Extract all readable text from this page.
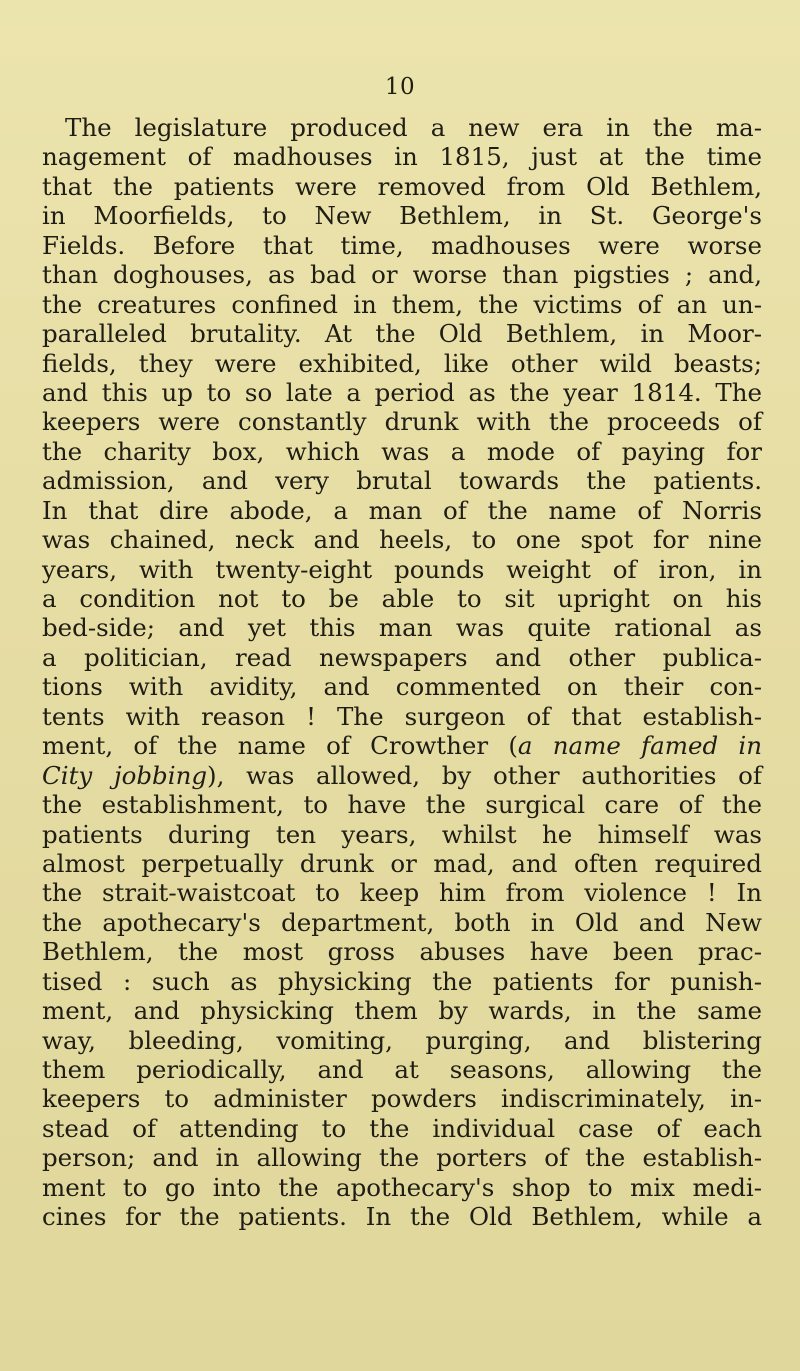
10
The legislature produced a new era in the ma-
nagement of madhouses in 1815, just at the time
that the patients were removed from Old Bethlem,
in Moorfields, to New Bethlem, in St. George's
Fields. Before that time, madhouses were worse
than doghouses, as bad or worse than pigsties ; and,
the creatures confined in them, the victims of an un-
paralleled brutality. At the Old Bethlem, in Moor-
fields, they were exhibited, like other wild beasts;
and this up to so late a period as the year 1814. The
keepers were constantly drunk with the proceeds of
the charity box, which was a mode of paying for
admission, and very brutal towards the patients.
In that dire abode, a man of the name of Norris
was chained, neck and heels, to one spot for nine
years, with twenty-eight pounds weight of iron, in
a condition not to be able to sit upright on his
bed-side; and yet this man was quite rational as
a politician, read newspapers and other publica-
tions with avidity, and commented on their con-
tents with reason ! The surgeon of that establish-
ment, of the name of Crowther (a name famed in
City jobbing), was allowed, by other authorities of
the establishment, to have the surgical care of the
patients during ten years, whilst he himself was
almost perpetually drunk or mad, and often required
the strait-waistcoat to keep him from violence ! In
the apothecary's department, both in Old and New
Bethlem, the most gross abuses have been prac-
tised : such as physicking the patients for punish-
ment, and physicking them by wards, in the same
way, bleeding, vomiting, purging, and blistering
them periodically, and at seasons, allowing the
keepers to administer powders indiscriminately, in-
stead of attending to the individual case of each
person; and in allowing the porters of the establish-
ment to go into the apothecary's shop to mix medi-
cines for the patients. In the Old Bethlem, while a
